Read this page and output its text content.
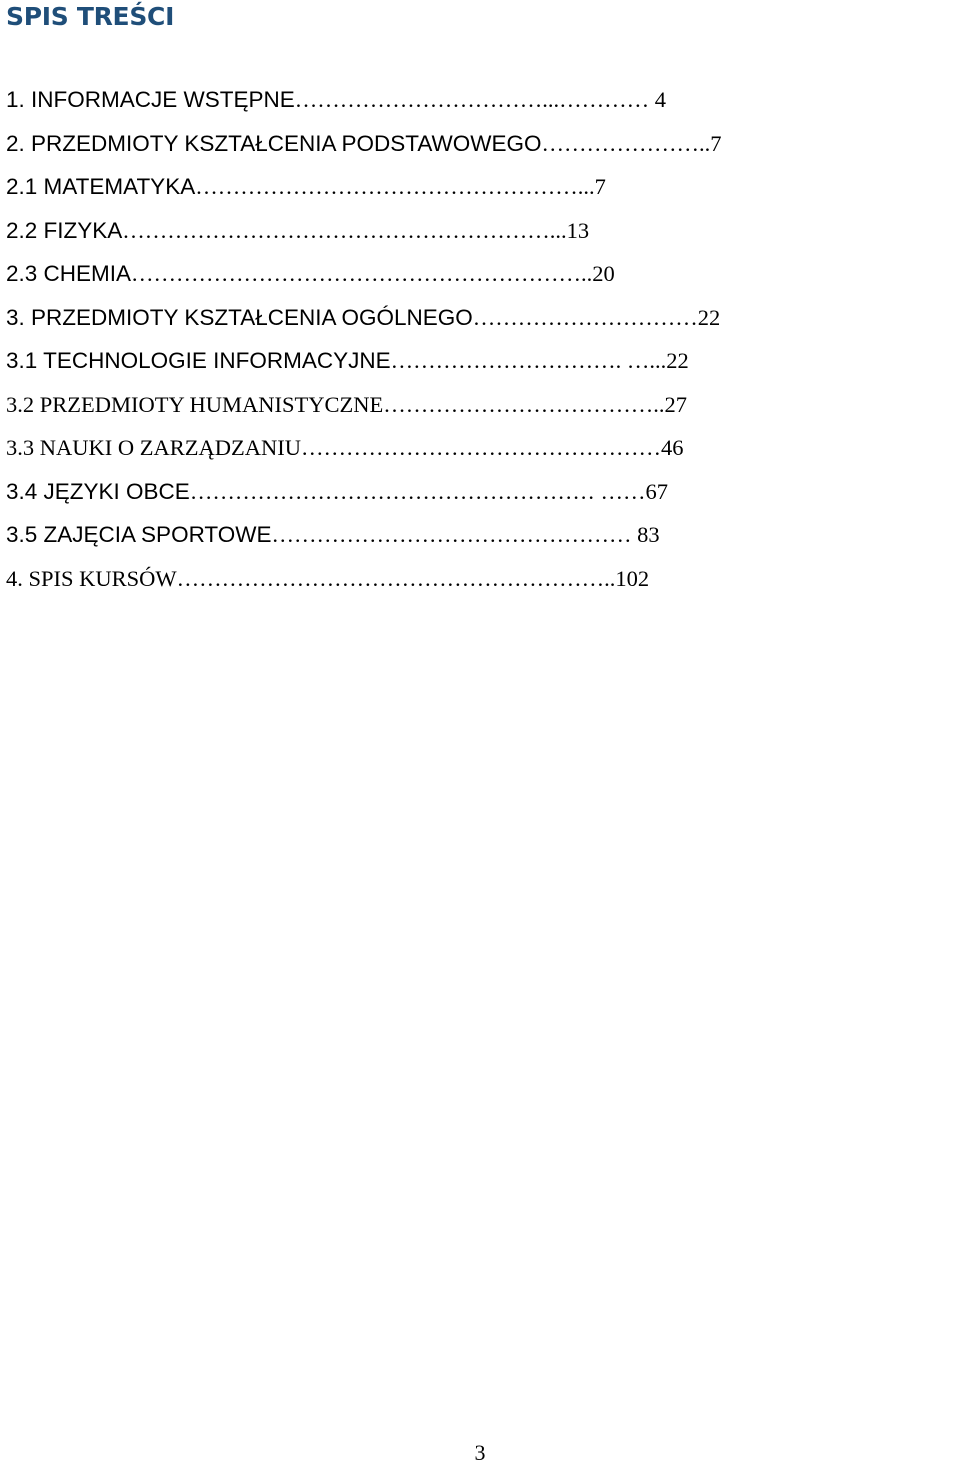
SPIS TREŚCI
1. INFORMACJE WSTĘPNE……………………………...………… 4
2. PRZEDMIOTY KSZTAŁCENIA PODSTAWOWEGO…………………..7
2.1 MATEMATYKA……………………………………………...7
2.2 FIZYKA…………………………………………………...13
2.3 CHEMIA……………………………………………………..20
3. PRZEDMIOTY KSZTAŁCENIA OGÓLNEGO…………………………22
3.1 TECHNOLOGIE INFORMACYJNE…………………………. …...22
3.2 PRZEDMIOTY HUMANISTYCZNE………………………………..27
3.3 NAUKI O ZARZĄDZANIU…………………………………………46
3.4 JĘZYKI OBCE……………………………………………… ……67
3.5 ZAJĘCIA SPORTOWE………………………………………… 83
4. SPIS KURSÓW…………………………………………………..102
3
